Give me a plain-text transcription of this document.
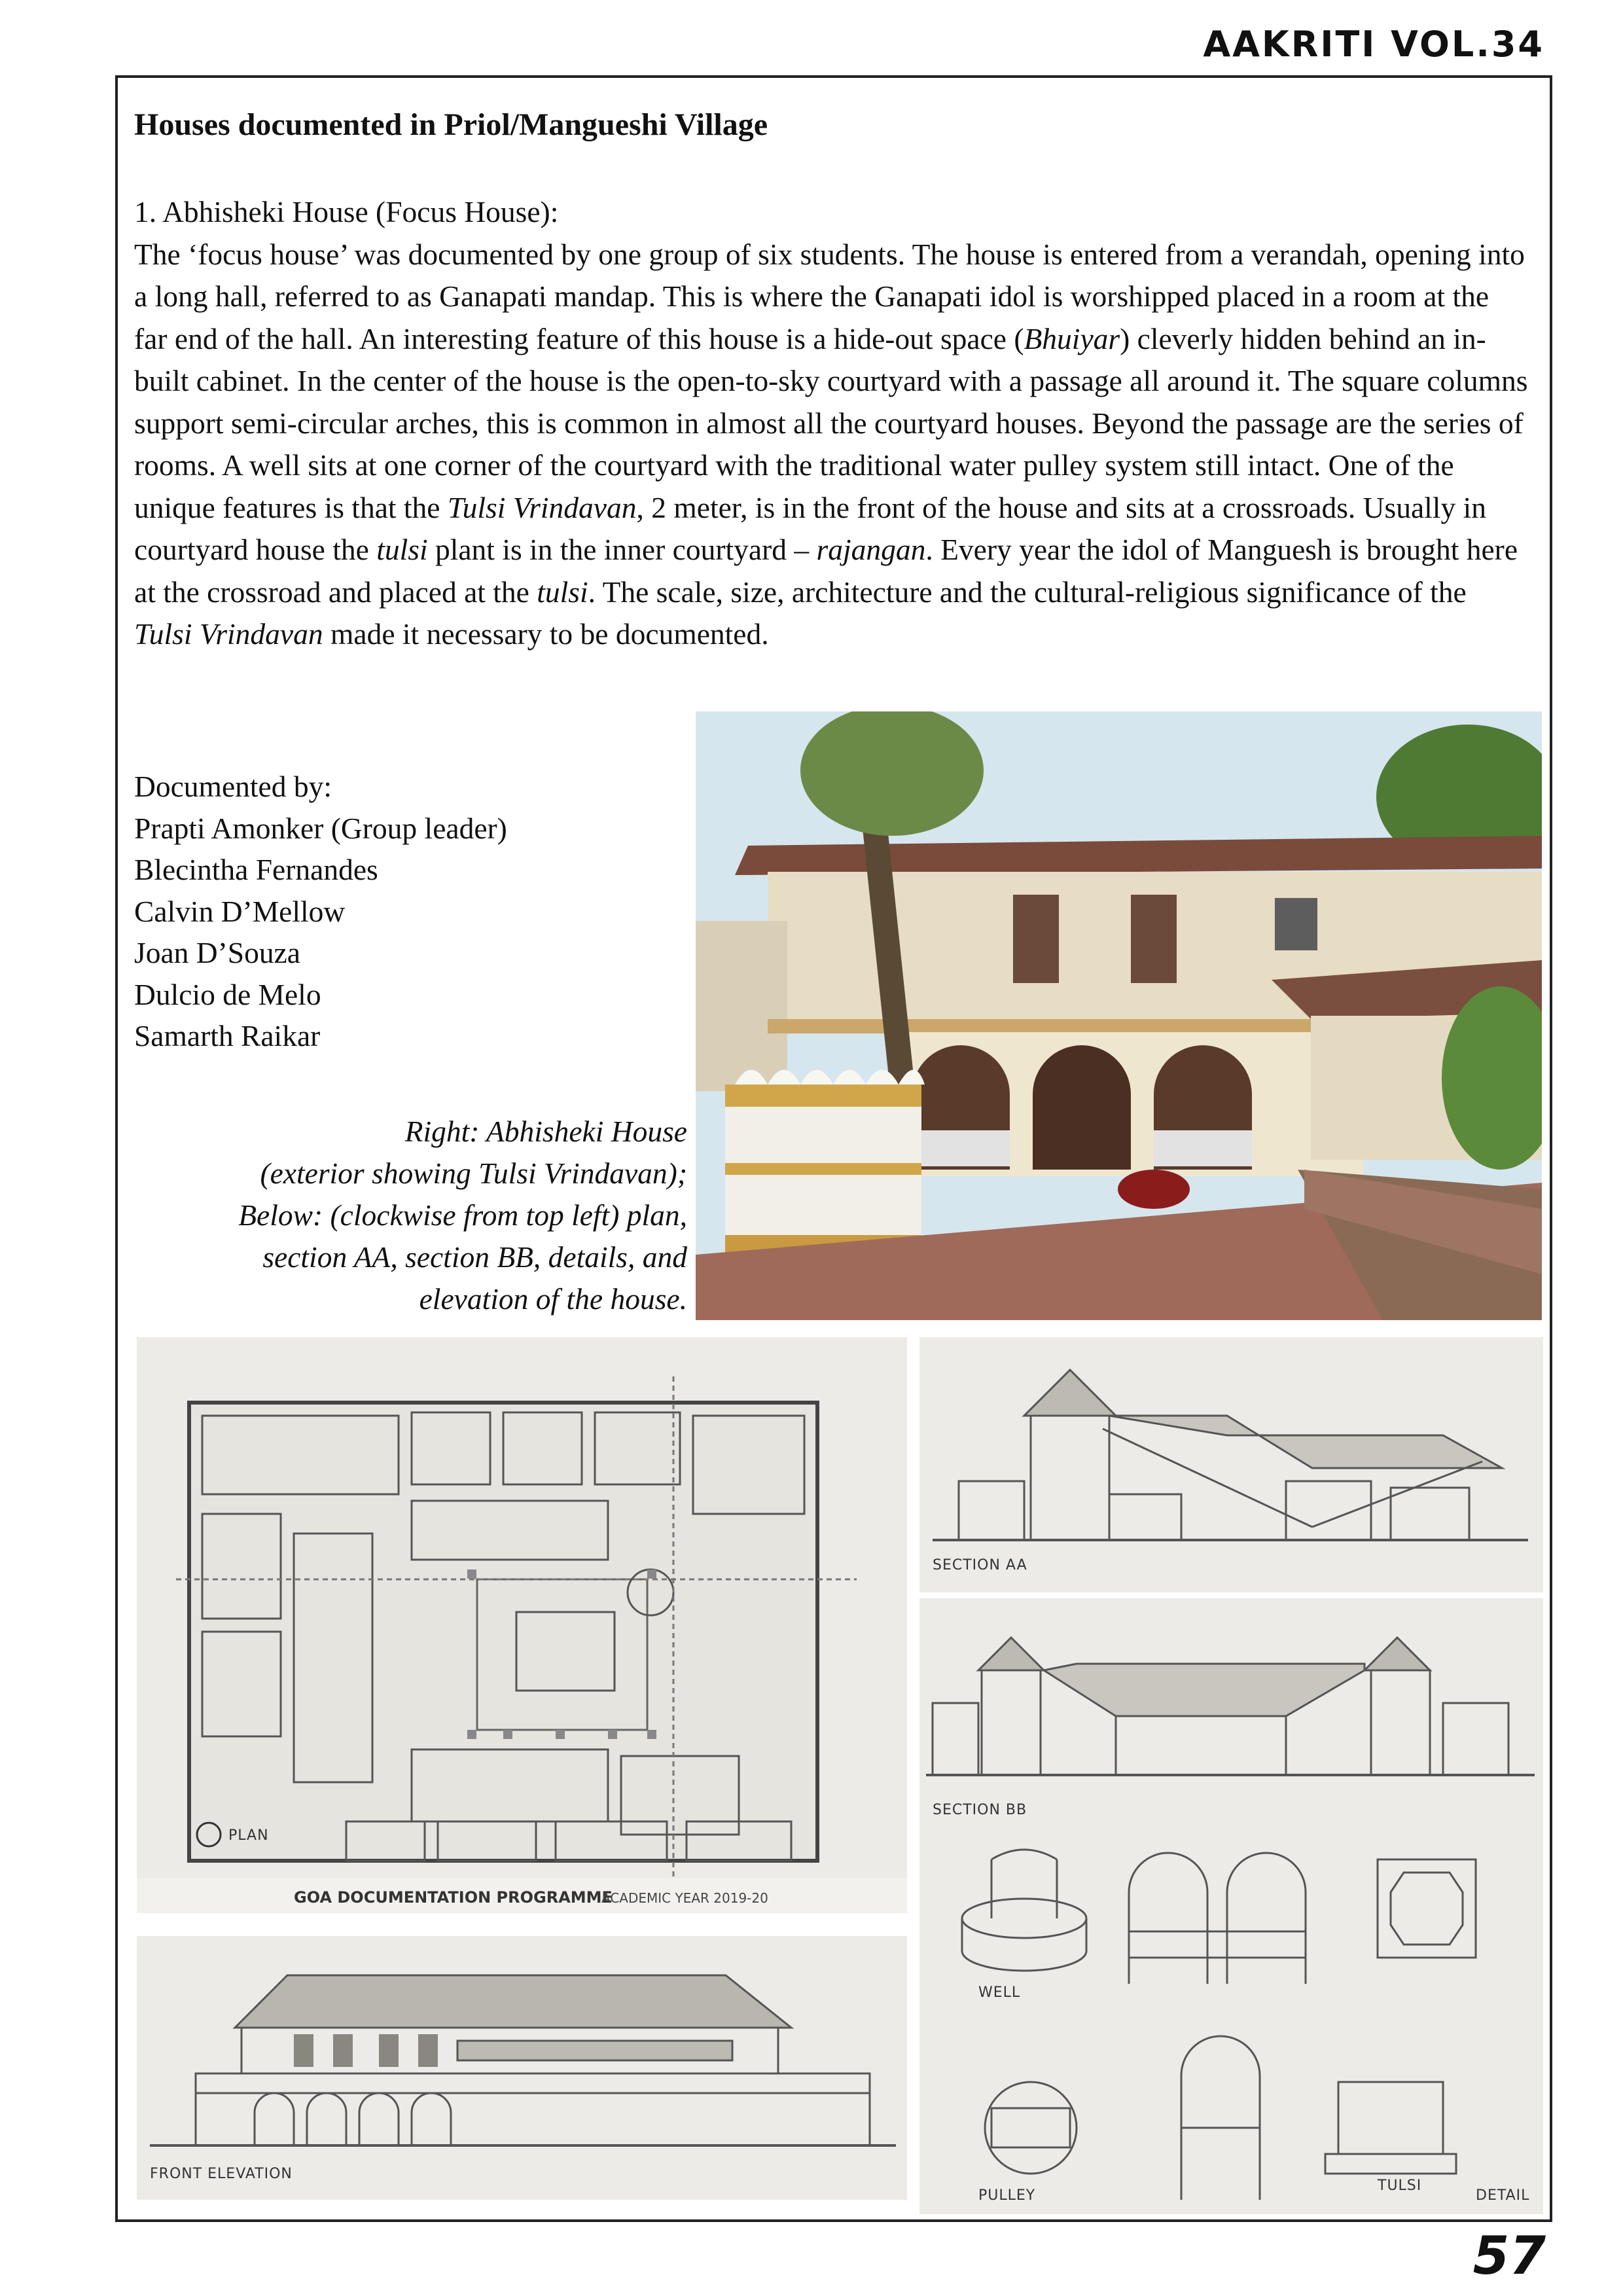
AAKRITI VOL.34
Houses documented in Priol/Mangueshi Village

1. Abhisheki House (Focus House):

The ‘focus house’ was documented by one group of six students. The house is entered from a verandah, opening into a long hall, referred to as Ganapati mandap. This is where the Ganapati idol is worshipped placed in a room at the far end of the hall. An interesting feature of this house is a hide-out space (Bhuiyar) cleverly hidden behind an in-built cabinet. In the center of the house is the open-to-sky courtyard with a passage all around it. The square columns support semi-circular arches, this is common in almost all the courtyard houses. Beyond the passage are the series of rooms. A well sits at one corner of the courtyard with the traditional water pulley system still intact. One of the unique features is that the Tulsi Vrindavan, 2 meter, is in the front of the house and sits at a crossroads. Usually in courtyard house the tulsi plant is in the inner courtyard – rajangan. Every year the idol of Manguesh is brought here at the crossroad and placed at the tulsi. The scale, size, architecture and the cultural-religious significance of the Tulsi Vrindavan made it necessary to be documented.

Documented by:
Prapti Amonker (Group leader)
Blecintha Fernandes
Calvin D’Mellow
Joan D’Souza
Dulcio de Melo
Samarth Raikar
Right: Abhisheki House
(exterior showing Tulsi Vrindavan);
Below: (clockwise from top left) plan,
section AA, section BB, details, and
elevation of the house.
PLAN
GOA DOCUMENTATION PROGRAMME
ACADEMIC YEAR 2019-20
SECTION AA
SECTION BB
WELL
PULLEY
TULSI
DETAIL
FRONT ELEVATION
57
